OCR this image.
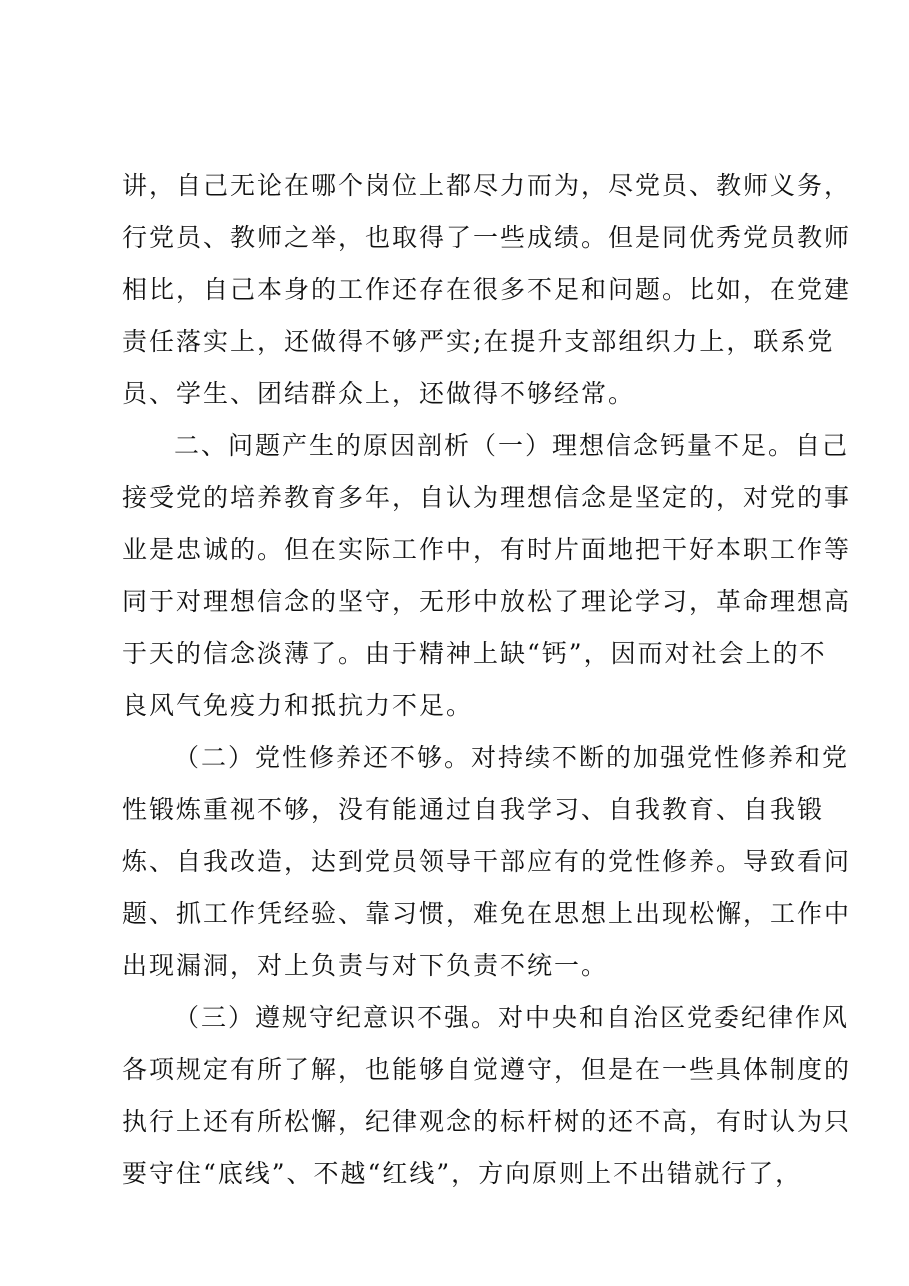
讲，自己无论在哪个岗位上都尽力而为，尽党员、教师义务，
行党员、教师之举，也取得了一些成绩。但是同优秀党员教师
相比，自己本身的工作还存在很多不足和问题。比如，在党建
责任落实上，还做得不够严实;在提升支部组织力上，联系党
员、学生、团结群众上，还做得不够经常。
二、问题产生的原因剖析（一）理想信念钙量不足。自己
接受党的培养教育多年，自认为理想信念是坚定的，对党的事
业是忠诚的。但在实际工作中，有时片面地把干好本职工作等
同于对理想信念的坚守，无形中放松了理论学习，革命理想高
于天的信念淡薄了。由于精神上缺“钙”，因而对社会上的不
良风气免疫力和抵抗力不足。
（二）党性修养还不够。对持续不断的加强党性修养和党
性锻炼重视不够，没有能通过自我学习、自我教育、自我锻
炼、自我改造，达到党员领导干部应有的党性修养。导致看问
题、抓工作凭经验、靠习惯，难免在思想上出现松懈，工作中
出现漏洞，对上负责与对下负责不统一。
（三）遵规守纪意识不强。对中央和自治区党委纪律作风
各项规定有所了解，也能够自觉遵守，但是在一些具体制度的
执行上还有所松懈，纪律观念的标杆树的还不高，有时认为只
要守住“底线”、不越“红线”，方向原则上不出错就行了，
